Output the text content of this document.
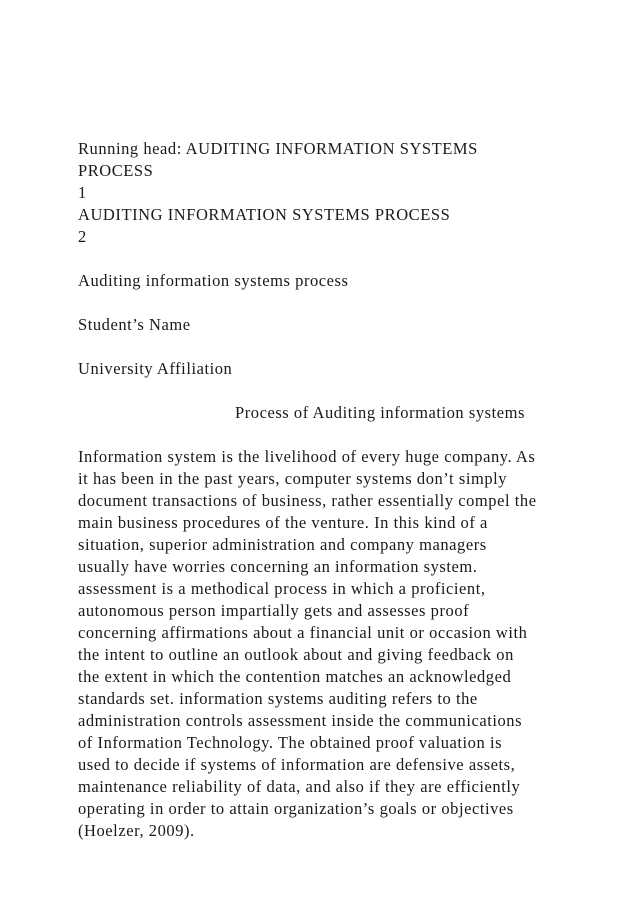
Running head: AUDITING INFORMATION SYSTEMS
PROCESS
1
AUDITING INFORMATION SYSTEMS PROCESS
2
Auditing information systems process
Student’s Name
University Affiliation
Process of Auditing information systems
Information system is the livelihood of every huge company. As
it has been in the past years, computer systems don’t simply
document transactions of business, rather essentially compel the
main business procedures of the venture. In this kind of a
situation, superior administration and company managers
usually have worries concerning an information system.
assessment is a methodical process in which a proficient,
autonomous person impartially gets and assesses proof
concerning affirmations about a financial unit or occasion with
the intent to outline an outlook about and giving feedback on
the extent in which the contention matches an acknowledged
standards set. information systems auditing refers to the
administration controls assessment inside the communications
of Information Technology. The obtained proof valuation is
used to decide if systems of information are defensive assets,
maintenance reliability of data, and also if they are efficiently
operating in order to attain organization’s goals or objectives
(Hoelzer, 2009).
